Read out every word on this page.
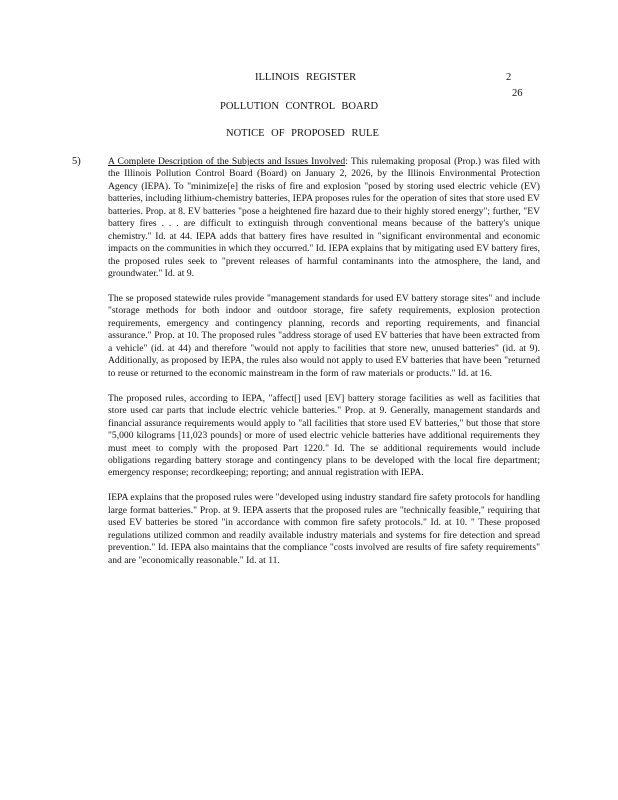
ILLINOIS REGISTER	2
26
POLLUTION CONTROL BOARD
NOTICE OF PROPOSED RULE
5)	A Complete Description of the Subjects and Issues Involved: This rulemaking proposal (Prop.) was filed with the Illinois Pollution Control Board (Board) on January 2, 2026, by the Illinois Environmental Protection Agency (IEPA). To "minimize[e] the risks of fire and explosion "posed by storing used electric vehicle (EV) batteries, including lithium-chemistry batteries, IEPA proposes rules for the operation of sites that store used EV batteries. Prop. at 8. EV batteries "pose a heightened fire hazard due to their highly stored energy"; further, "EV battery fires . . . are difficult to extinguish through conventional means because of the battery's unique chemistry." Id. at 44. IEPA adds that battery fires have resulted in "significant environmental and economic impacts on the communities in which they occurred." Id. IEPA explains that by mitigating used EV battery fires, the proposed rules seek to "prevent releases of harmful contaminants into the atmosphere, the land, and groundwater." Id. at 9.

The se proposed statewide rules provide "management standards for used EV battery storage sites" and include "storage methods for both indoor and outdoor storage, fire safety requirements, explosion protection requirements, emergency and contingency planning, records and reporting requirements, and financial assurance." Prop. at 10. The proposed rules "address storage of used EV batteries that have been extracted from a vehicle" (id. at 44) and therefore "would not apply to facilities that store new, unused batteries" (id. at 9). Additionally, as proposed by IEPA, the rules also would not apply to used EV batteries that have been "returned to reuse or returned to the economic mainstream in the form of raw materials or products." Id. at 16.

The proposed rules, according to IEPA, "affect[] used [EV] battery storage facilities as well as facilities that store used car parts that include electric vehicle batteries." Prop. at 9. Generally, management standards and financial assurance requirements would apply to "all facilities that store used EV batteries," but those that store "5,000 kilograms [11,023 pounds] or more of used electric vehicle batteries have additional requirements they must meet to comply with the proposed Part 1220." Id. The se additional requirements would include obligations regarding battery storage and contingency plans to be developed with the local fire department; emergency response; recordkeeping; reporting; and annual registration with IEPA.

IEPA explains that the proposed rules were "developed using industry standard fire safety protocols for handling large format batteries." Prop. at 9. IEPA asserts that the proposed rules are "technically feasible," requiring that used EV batteries be stored "in accordance with common fire safety protocols." Id. at 10. " These proposed regulations utilized common and readily available industry materials and systems for fire detection and spread prevention." Id. IEPA also maintains that the compliance "costs involved are results of fire safety requirements" and are "economically reasonable." Id. at 11.
